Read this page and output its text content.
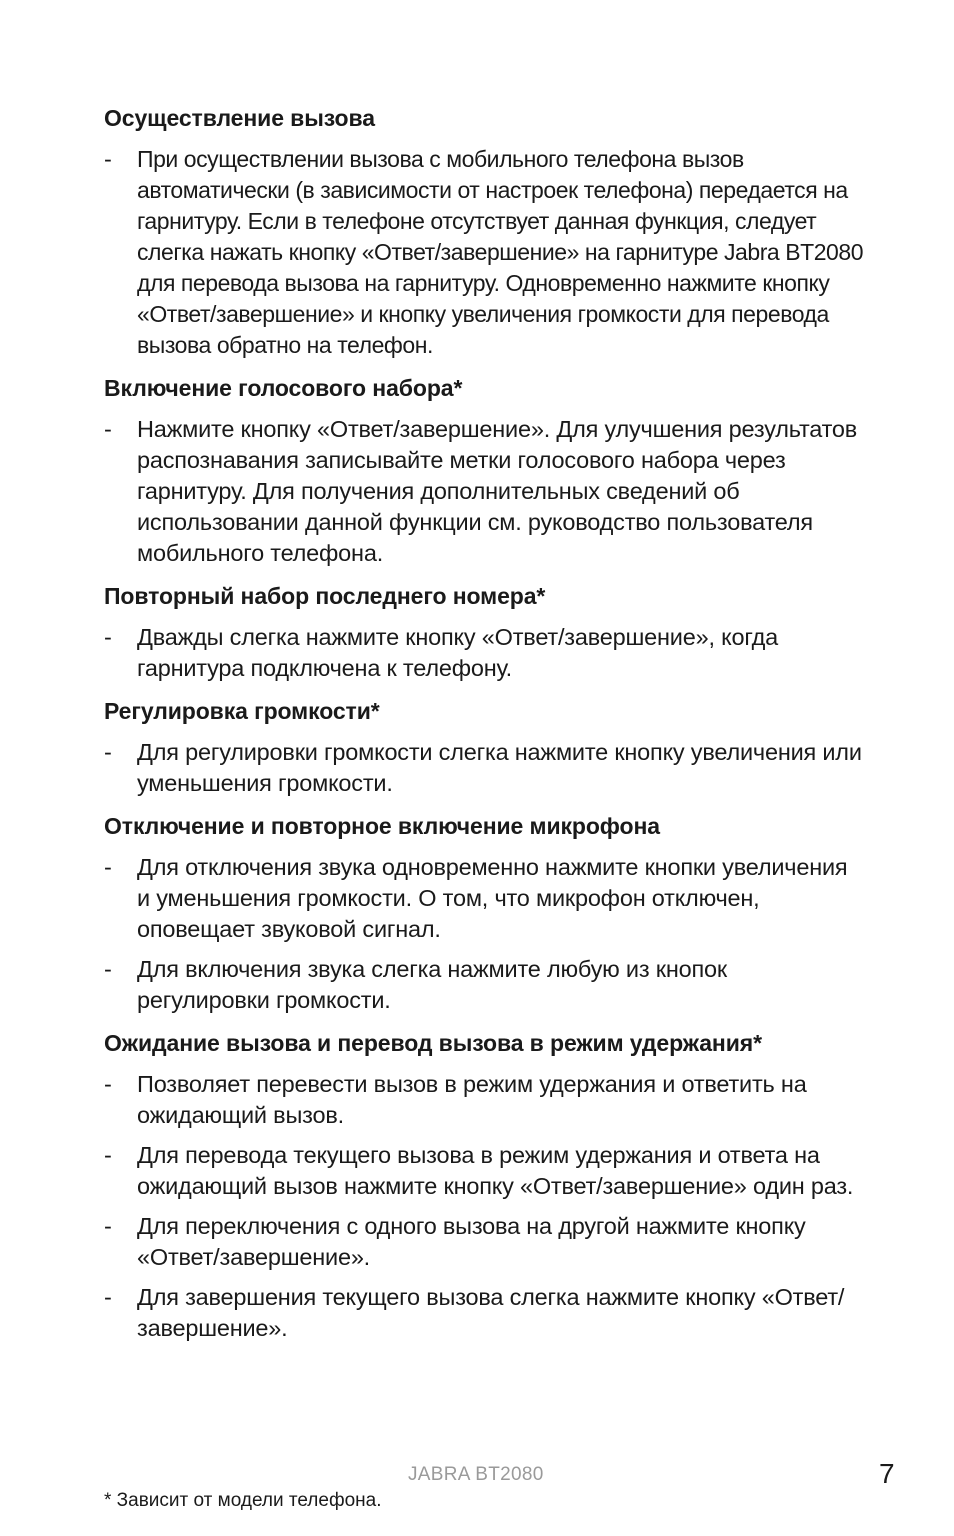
Осуществление вызова
- При осуществлении вызова с мобильного телефона вызов автоматически (в зависимости от настроек телефона) передается на гарнитуру. Если в телефоне отсутствует данная функция, следует слегка нажать кнопку «Ответ/завершение» на гарнитуре Jabra BT2080 для перевода вызова на гарнитуру. Одновременно нажмите кнопку «Ответ/завершение» и кнопку увеличения громкости для перевода вызова обратно на телефон.
Включение голосового набора*
- Нажмите кнопку «Ответ/завершение». Для улучшения результатов распознавания записывайте метки голосового набора через гарнитуру. Для получения дополнительных сведений об использовании данной функции см. руководство пользователя мобильного телефона.
Повторный набор последнего номера*
- Дважды слегка нажмите кнопку «Ответ/завершение», когда гарнитура подключена к телефону.
Регулировка громкости*
- Для регулировки громкости слегка нажмите кнопку увеличения или уменьшения громкости.
Отключение и повторное включение микрофона
- Для отключения звука одновременно нажмите кнопки увеличения и уменьшения громкости. О том, что микрофон отключен, оповещает звуковой сигнал.
- Для включения звука слегка нажмите любую из кнопок регулировки громкости.
Ожидание вызова и перевод вызова в режим удержания*
- Позволяет перевести вызов в режим удержания и ответить на ожидающий вызов.
- Для перевода текущего вызова в режим удержания и ответа на ожидающий вызов нажмите кнопку «Ответ/завершение» один раз.
- Для переключения с одного вызова на другой нажмите кнопку «Ответ/завершение».
- Для завершения текущего вызова слегка нажмите кнопку «Ответ/завершение».
JABRA BT2080	7
* Зависит от модели телефона.
